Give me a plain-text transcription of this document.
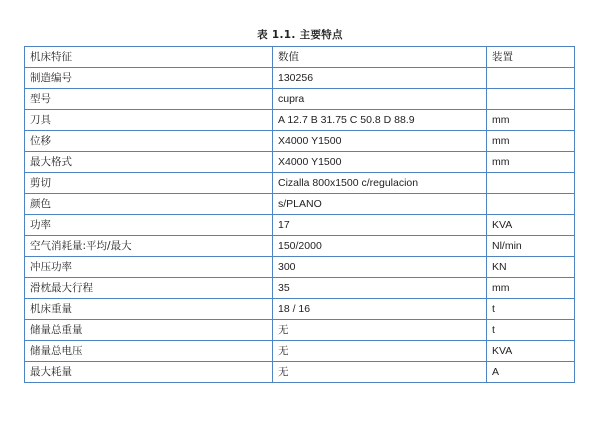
表 1.1. 主要特点
机床特征	数值	装置
制造编号	130256	
型号	cupra	
刀具	A 12.7 B 31.75 C 50.8 D 88.9	mm
位移	X4000 Y1500	mm
最大格式	X4000 Y1500	mm
剪切	Cizalla 800x1500 c/regulacion	
颜色	s/PLANO	
功率	17	KVA
空气消耗量:平均/最大	150/2000	Nl/min
冲压功率	300	KN
滑枕最大行程	35	mm
机床重量	18 / 16	t
储量总重量	无	t
储量总电压	无	KVA
最大耗量	无	A
